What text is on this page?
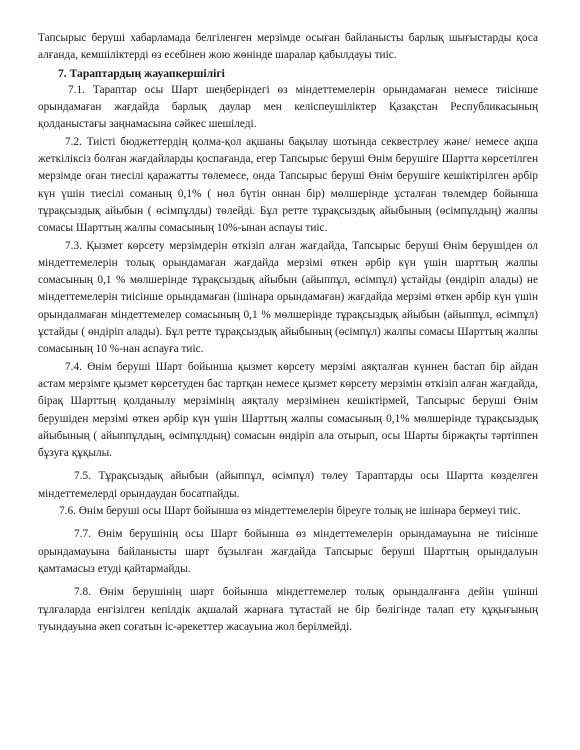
Тапсырыс беруші хабарламада белгіленген мерзімде осыған байланысты барлық шығыстарды қоса алғанда, кемшіліктерді өз есебінен жою жөнінде шаралар қабылдауы тиіс.

7. Тараптардың жауапкершілігі

7.1. Тараптар осы Шарт шеңберіндегі өз міндеттемелерін орындамаған немесе тиісінше орындамаған жағдайда барлық даулар мен келіспеушіліктер Қазақстан Республикасының қолданыстағы заңнамасына сәйкес шешіледі.

7.2. Тиісті бюджеттердің қолма-қол ақшаны бақылау шотында секвестрлеу және/ немесе ақша жеткіліксіз болған жағдайларды қоспағанда, егер Тапсырыс беруші Өнім берушіге Шартта көрсетілген мерзімде оған тиесілі қаражатты төлемесе, онда Тапсырыс беруші Өнім берушіге кешіктірілген әрбір күн үшін тиесілі соманың 0,1% ( нөл бүтін оннан бір) мөлшерінде ұсталған төлемдер бойынша тұрақсыздық айыбын ( өсімпұлды) төлейді. Бұл ретте тұрақсыздық айыбының (өсімпұлдың) жалпы сомасы Шарттың жалпы сомасының 10%-ынан аспауы тиіс.

7.3. Қызмет көрсету мерзімдерін өткізіп алған жағдайда, Тапсырыс беруші Өнім берушіден ол міндеттемелерін толық орындамаған жағдайда мерзімі өткен әрбір күн үшін шарттың жалпы сомасының 0,1 % мөлшерінде тұрақсыздық айыбын (айыппұл, өсімпұл) ұстайды (өндіріп алады) не міндеттемелерін тиісінше орындамаған (ішінара орындамаған) жағдайда мерзімі өткен әрбір күн үшін орындалмаған міндеттемелер сомасының 0,1 % мөлшерінде тұрақсыздық айыбын (айыппұл, өсімпұл) ұстайды ( өндіріп алады). Бұл ретте тұрақсыздық айыбының (өсімпұл) жалпы сомасы Шарттың жалпы сомасының 10 %-нан аспауға тиіс.

7.4. Өнім беруші Шарт бойынша қызмет көрсету мерзімі аяқталған күннен бастап бір айдан астам мерзімге қызмет көрсетуден бас тартқан немесе қызмет көрсету мерзімін өткізіп алған жағдайда, бірақ Шарттың қолданылу мерзімінің аяқталу мерзімінен кешіктірмей, Тапсырыс беруші Өнім берушіден мерзімі өткен әрбір күн үшін Шарттың жалпы сомасының 0,1% мөлшерінде тұрақсыздық айыбының ( айыппұлдың, өсімпұлдың) сомасын өндіріп ала отырып, осы Шарты біржақты тәртіппен бұзуға құқылы.

7.5. Тұрақсыздық айыбын (айыппұл, өсімпұл) төлеу Тараптарды осы Шартта көзделген міндеттемелерді орындаудан босатпайды.

7.6. Өнім беруші осы Шарт бойынша өз міндеттемелерін біреуге толық не ішінара бермеуі тиіс.

7.7. Өнім берушінің осы Шарт бойынша өз міндеттемелерін орындамауына не тиісінше орындамауына байланысты шарт бұзылған жағдайда Тапсырыс беруші Шарттың орындалуын қамтамасыз етуді қайтармайды.

7.8. Өнім берушінің шарт бойынша міндеттемелер толық орындалғанға дейін үшінші тұлғаларда енгізілген кепілдік ақшалай жарнаға тұтастай не бір бөлігінде талап ету құқығының туындауына әкеп соғатын іс-әрекеттер жасауына жол берілмейді.
